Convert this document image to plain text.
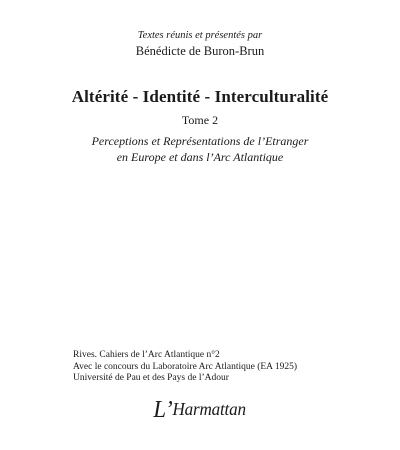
Textes réunis et présentés par
Bénédicte de Buron-Brun
Altérité - Identité - Interculturalité
Tome 2
Perceptions et Représentations de l’Etranger
en Europe et dans l’Arc Atlantique
Rives. Cahiers de l’Arc Atlantique n°2
Avec le concours du Laboratoire Arc Atlantique (EA 1925)
Université de Pau et des Pays de l’Adour
L’Harmattan
